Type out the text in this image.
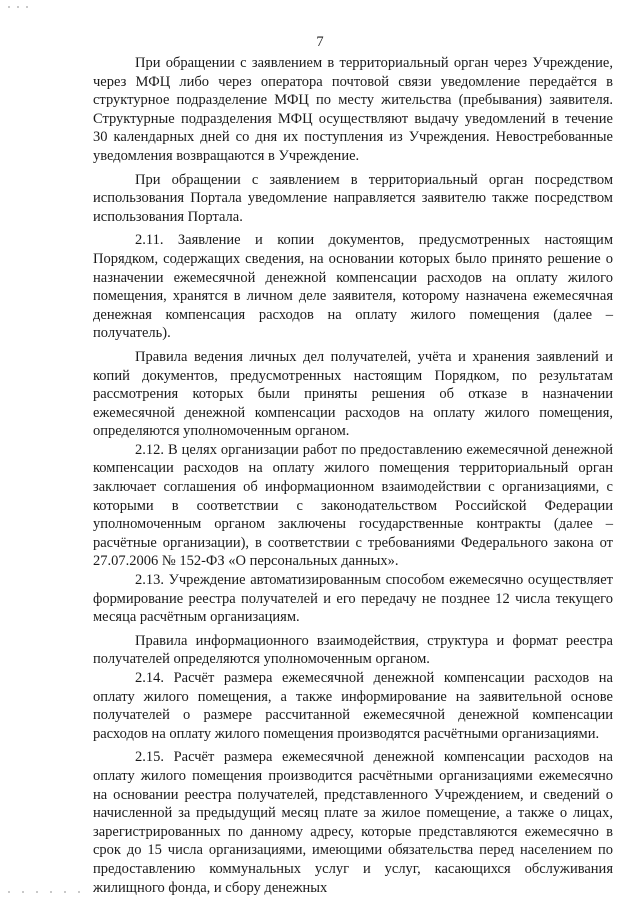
7

При обращении с заявлением в территориальный орган через Учреждение, через МФЦ либо через оператора почтовой связи уведомление передаётся в структурное подразделение МФЦ по месту жительства (пребывания) заявителя. Структурные подразделения МФЦ осуществляют выдачу уведомлений в течение 30 календарных дней со дня их поступления из Учреждения. Невостребованные уведомления возвращаются в Учреждение.

При обращении с заявлением в территориальный орган посредством использования Портала уведомление направляется заявителю также посредством использования Портала.

2.11. Заявление и копии документов, предусмотренных настоящим Порядком, содержащих сведения, на основании которых было принято решение о назначении ежемесячной денежной компенсации расходов на оплату жилого помещения, хранятся в личном деле заявителя, которому назначена ежемесячная денежная компенсация расходов на оплату жилого помещения (далее – получатель).

Правила ведения личных дел получателей, учёта и хранения заявлений и копий документов, предусмотренных настоящим Порядком, по результатам рассмотрения которых были приняты решения об отказе в назначении ежемесячной денежной компенсации расходов на оплату жилого помещения, определяются уполномоченным органом.

2.12. В целях организации работ по предоставлению ежемесячной денежной компенсации расходов на оплату жилого помещения территориальный орган заключает соглашения об информационном взаимодействии с организациями, с которыми в соответствии с законодательством Российской Федерации уполномоченным органом заключены государственные контракты (далее – расчётные организации), в соответствии с требованиями Федерального закона от 27.07.2006 № 152-ФЗ «О персональных данных».

2.13. Учреждение автоматизированным способом ежемесячно осуществляет формирование реестра получателей и его передачу не позднее 12 числа текущего месяца расчётным организациям.

Правила информационного взаимодействия, структура и формат реестра получателей определяются уполномоченным органом.

2.14. Расчёт размера ежемесячной денежной компенсации расходов на оплату жилого помещения, а также информирование на заявительной основе получателей о размере рассчитанной ежемесячной денежной компенсации расходов на оплату жилого помещения производятся расчётными организациями.

2.15. Расчёт размера ежемесячной денежной компенсации расходов на оплату жилого помещения производится расчётными организациями ежемесячно на основании реестра получателей, представленного Учреждением, и сведений о начисленной за предыдущий месяц плате за жилое помещение, а также о лицах, зарегистрированных по данному адресу, которые представляются ежемесячно в срок до 15 числа организациями, имеющими обязательства перед населением по предоставлению коммунальных услуг и услуг, касающихся обслуживания жилищного фонда, и сбору денежных
